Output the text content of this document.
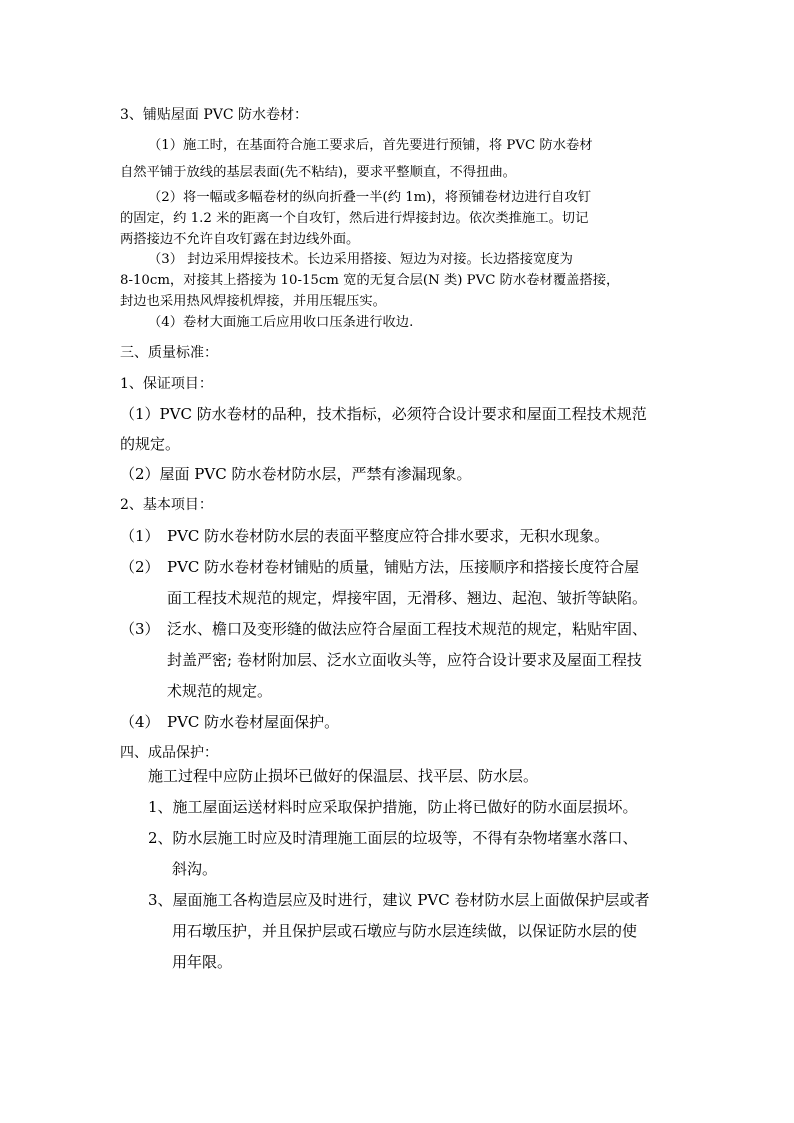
3、铺贴屋面 PVC 防水卷材：
（1）施工时，在基面符合施工要求后，首先要进行预铺，将 PVC 防水卷材
自然平铺于放线的基层表面(先不粘结)，要求平整顺直，不得扭曲。
（2）将一幅或多幅卷材的纵向折叠一半(约 1m)，将预铺卷材边进行自攻钉
的固定，约 1.2 米的距离一个自攻钉，然后进行焊接封边。依次类推施工。切记
两搭接边不允许自攻钉露在封边线外面。
（3） 封边采用焊接技术。长边采用搭接、短边为对接。长边搭接宽度为
8-10cm，对接其上搭接为 10-15cm 宽的无复合层(N 类) PVC 防水卷材覆盖搭接，
封边也采用热风焊接机焊接，并用压辊压实。
（4）卷材大面施工后应用收口压条进行收边.
三、质量标准：
1、保证项目：
（1）PVC 防水卷材的品种，技术指标，必须符合设计要求和屋面工程技术规范
的规定。
（2）屋面 PVC 防水卷材防水层，严禁有渗漏现象。
2、基本项目：
（1） PVC 防水卷材防水层的表面平整度应符合排水要求，无积水现象。
（2） PVC 防水卷材卷材铺贴的质量，铺贴方法，压接顺序和搭接长度符合屋
面工程技术规范的规定，焊接牢固，无滑移、翘边、起泡、皱折等缺陷。
（3） 泛水、檐口及变形缝的做法应符合屋面工程技术规范的规定，粘贴牢固、
封盖严密; 卷材附加层、泛水立面收头等，应符合设计要求及屋面工程技
术规范的规定。
（4） PVC 防水卷材屋面保护。
四、成品保护：
施工过程中应防止损坏已做好的保温层、找平层、防水层。
1、施工屋面运送材料时应采取保护措施，防止将已做好的防水面层损坏。
2、防水层施工时应及时清理施工面层的垃圾等，不得有杂物堵塞水落口、
斜沟。
3、屋面施工各构造层应及时进行，建议 PVC 卷材防水层上面做保护层或者
用石墩压护，并且保护层或石墩应与防水层连续做，以保证防水层的使
用年限。
